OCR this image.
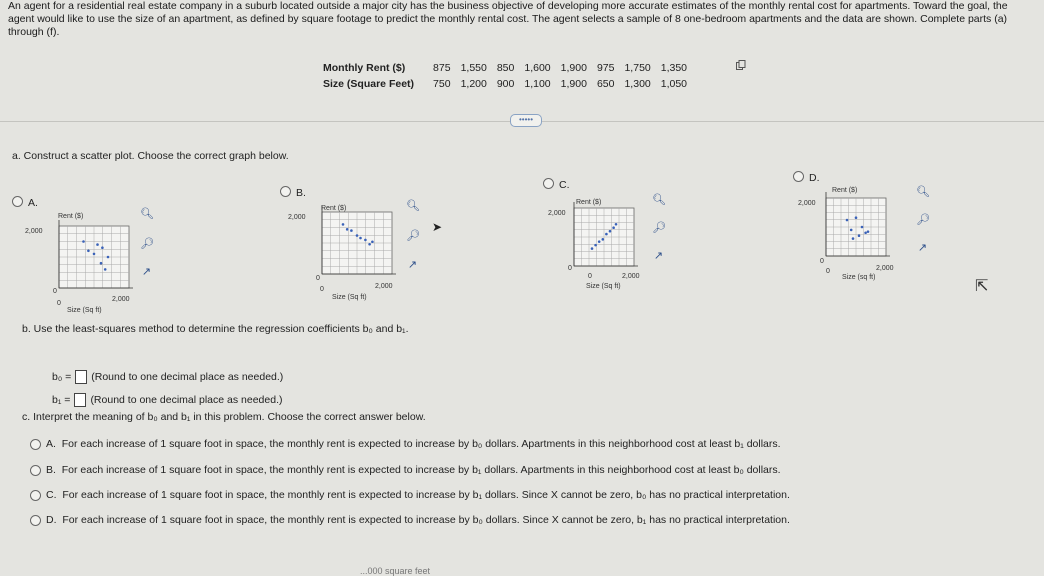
An agent for a residential real estate company in a suburb located outside a major city has the business objective of developing more accurate estimates of the monthly rental cost for apartments. Toward the goal, the agent would like to use the size of an apartment, as defined by square footage to predict the monthly rental cost. The agent selects a sample of 8 one-bedroom apartments and the data are shown. Complete parts (a) through (f).
Monthly Rent ($)	875	1,550	850	1,600	1,900	975	1,750	1,350
Size (Square Feet)	750	1,200	900	1,100	1,900	650	1,300	1,050
•••••
a. Construct a scatter plot. Choose the correct graph below.
A.
Rent ($)
2,000
0
0
2,000
Size (Sq ft)
🔍︎
🔎︎
↗
B.
Rent ($)
2,000
0
0	2,000
Size (Sq ft)
🔍︎
🔎︎
↗
➤
C.
Rent ($)
2,000
0
0	2,000
Size (Sq ft)
🔍︎
🔎︎
↗
D.
Rent ($)
2,000
0
0	2,000
Size (sq ft)
🔍︎
🔎︎
↗
⇱
b. Use the least-squares method to determine the regression coefficients b₀ and b₁.
b₀ = (Round to one decimal place as needed.)
b₁ = (Round to one decimal place as needed.)
c. Interpret the meaning of b₀ and b₁ in this problem. Choose the correct answer below.
A. For each increase of 1 square foot in space, the monthly rent is expected to increase by b₀ dollars. Apartments in this neighborhood cost at least b₁ dollars.
B. For each increase of 1 square foot in space, the monthly rent is expected to increase by b₁ dollars. Apartments in this neighborhood cost at least b₀ dollars.
C. For each increase of 1 square foot in space, the monthly rent is expected to increase by b₁ dollars. Since X cannot be zero, b₀ has no practical interpretation.
D. For each increase of 1 square foot in space, the monthly rent is expected to increase by b₀ dollars. Since X cannot be zero, b₁ has no practical interpretation.
...000 square feet
